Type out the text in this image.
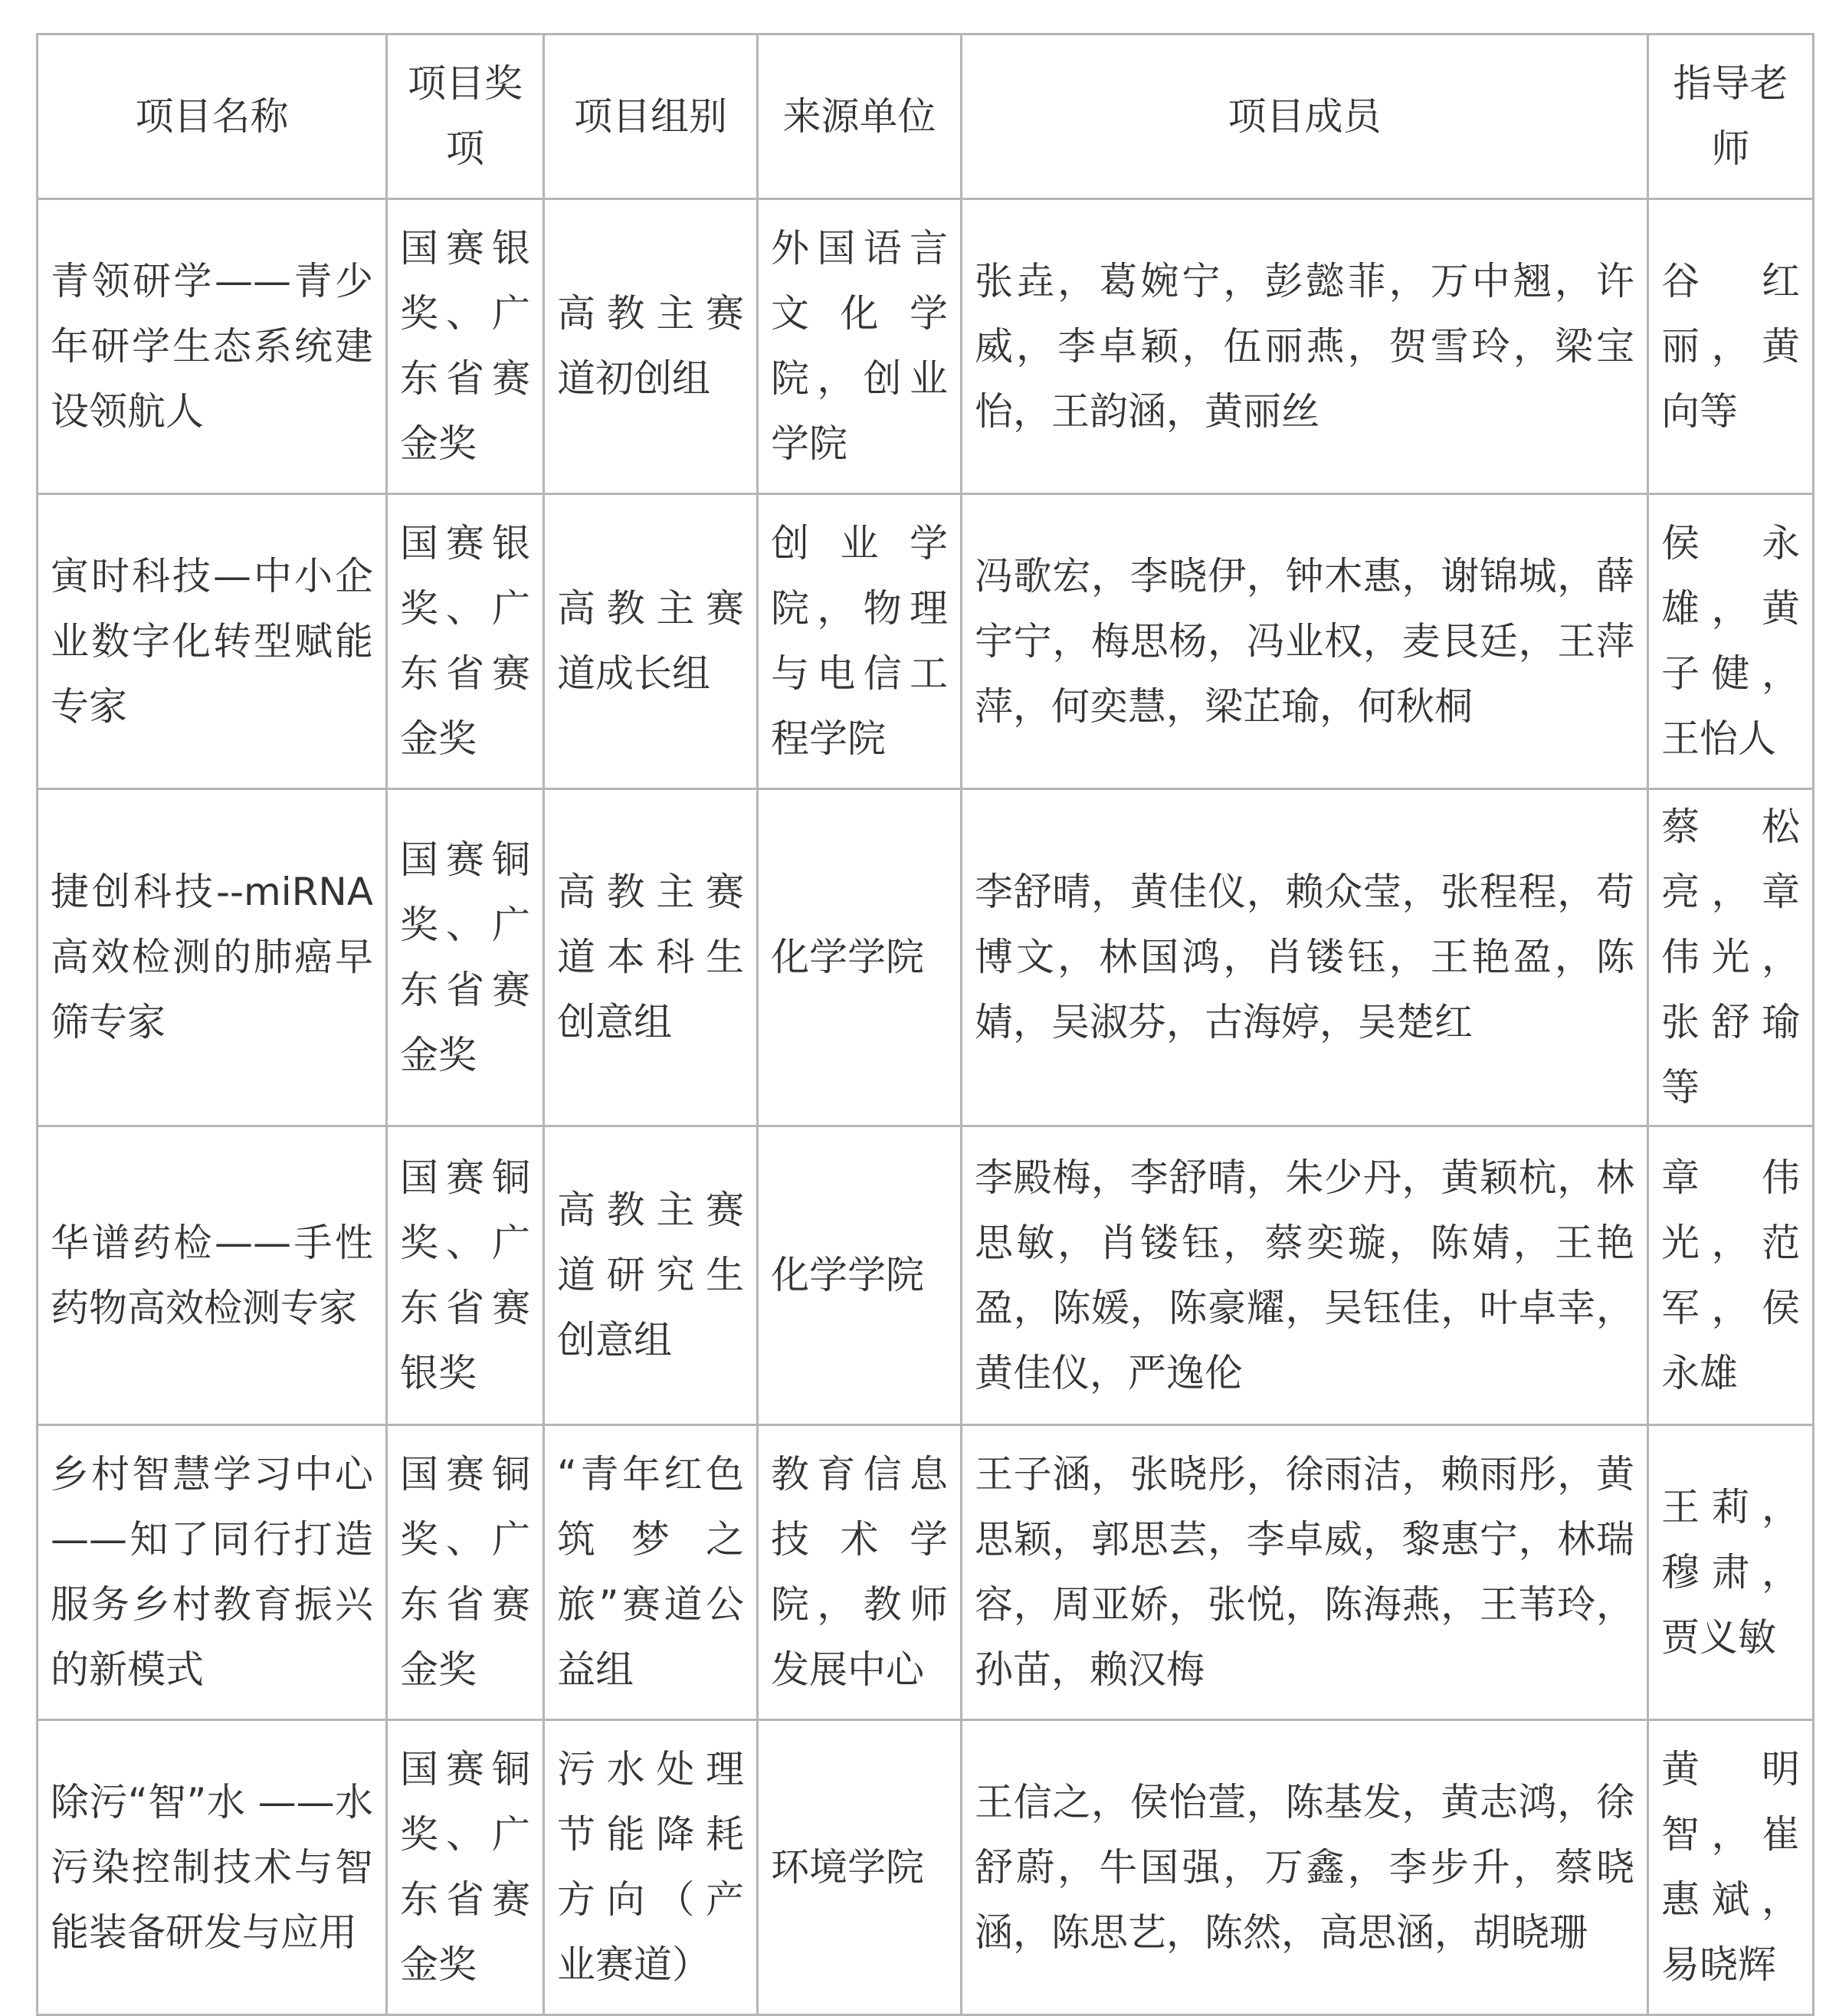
项目名称	项目奖项	项目组别	来源单位	项目成员	指导老师
青领研学——青少年研学生态系统建设领航人	国赛银奖、广东省赛金奖	高教主赛道初创组	外国语言文化学院，创业学院	张垚，葛婉宁，彭懿菲，万中翘，许威，李卓颖，伍丽燕，贺雪玲，梁宝怡，王韵涵，黄丽丝	谷红丽，黄向等
寅时科技—中小企业数字化转型赋能专家	国赛银奖、广东省赛金奖	高教主赛道成长组	创业学院，物理与电信工程学院	冯歌宏，李晓伊，钟木惠，谢锦城，薛宇宁，梅思杨，冯业权，麦艮廷，王萍萍，何奕慧，梁芷瑜，何秋桐	侯永雄，黄子健，王怡人
捷创科技--miRNA高效检测的肺癌早筛专家	国赛铜奖、广东省赛金奖	高教主赛道本科生创意组	化学学院	李舒晴，黄佳仪，赖众莹，张程程，苟博文，林国鸿，肖镂钰，王艳盈，陈婧，吴淑芬，古海婷，吴楚红	蔡松亮，章伟光，张舒瑜等
华谱药检——手性药物高效检测专家	国赛铜奖、广东省赛银奖	高教主赛道研究生创意组	化学学院	李殿梅，李舒晴，朱少丹，黄颖杭，林思敏，肖镂钰，蔡奕璇，陈婧，王艳盈，陈媛，陈豪耀，吴钰佳，叶卓幸，黄佳仪，严逸伦	章伟光，范军，侯永雄
乡村智慧学习中心——知了同行打造服务乡村教育振兴的新模式	国赛铜奖、广东省赛金奖	“青年红色筑梦之旅”赛道公益组	教育信息技术学院，教师发展中心	王子涵，张晓彤，徐雨洁，赖雨彤，黄思颖，郭思芸，李卓威，黎惠宁，林瑞容，周亚娇，张悦，陈海燕，王苇玲，孙苗，赖汉梅	王莉，穆肃，贾义敏
除污“智”水 ——水污染控制技术与智能装备研发与应用	国赛铜奖、广东省赛金奖	污水处理节能降耗方向（产业赛道）	环境学院	王信之，侯怡萱，陈基发，黄志鸿，徐舒蔚，牛国强，万鑫，李步升，蔡晓涵，陈思艺，陈然，高思涵，胡晓珊	黄明智，崔惠斌，易晓辉
